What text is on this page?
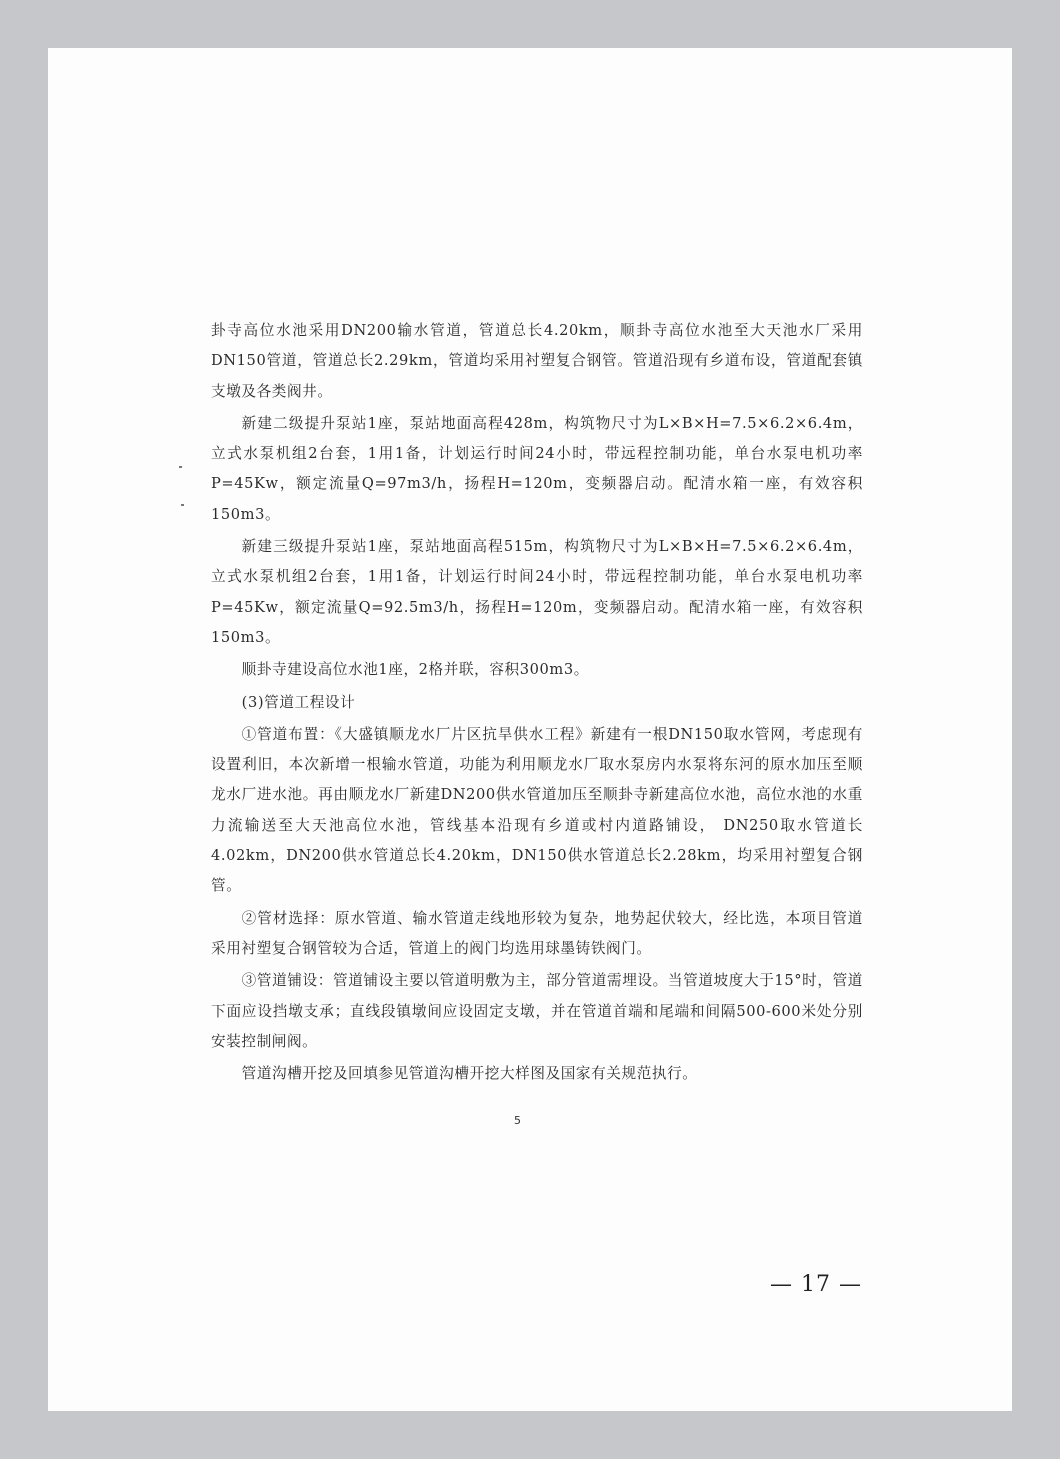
卦寺高位水池采用DN200输水管道，管道总长4.20km，顺卦寺高位水池至大天池水厂采用DN150管道，管道总长2.29km，管道均采用衬塑复合钢管。管道沿现有乡道布设，管道配套镇支墩及各类阀井。

新建二级提升泵站1座，泵站地面高程428m，构筑物尺寸为L×B×H=7.5×6.2×6.4m，立式水泵机组2台套，1用1备，计划运行时间24小时，带远程控制功能，单台水泵电机功率P=45Kw，额定流量Q=97m3/h，扬程H=120m，变频器启动。配清水箱一座，有效容积150m3。

新建三级提升泵站1座，泵站地面高程515m，构筑物尺寸为L×B×H=7.5×6.2×6.4m，立式水泵机组2台套，1用1备，计划运行时间24小时，带远程控制功能，单台水泵电机功率P=45Kw，额定流量Q=92.5m3/h，扬程H=120m，变频器启动。配清水箱一座，有效容积150m3。

顺卦寺建设高位水池1座，2格并联，容积300m3。

(3)管道工程设计

①管道布置：《大盛镇顺龙水厂片区抗旱供水工程》新建有一根DN150取水管网，考虑现有设置利旧，本次新增一根输水管道，功能为利用顺龙水厂取水泵房内水泵将东河的原水加压至顺龙水厂进水池。再由顺龙水厂新建DN200供水管道加压至顺卦寺新建高位水池，高位水池的水重力流输送至大天池高位水池，管线基本沿现有乡道或村内道路铺设， DN250取水管道长4.02km，DN200供水管道总长4.20km，DN150供水管道总长2.28km，均采用衬塑复合钢管。

②管材选择：原水管道、输水管道走线地形较为复杂，地势起伏较大，经比选，本项目管道采用衬塑复合钢管较为合适，管道上的阀门均选用球墨铸铁阀门。

③管道铺设：管道铺设主要以管道明敷为主，部分管道需埋设。当管道坡度大于15°时，管道下面应设挡墩支承；直线段镇墩间应设固定支墩，并在管道首端和尾端和间隔500-600米处分别安装控制闸阀。

管道沟槽开挖及回填参见管道沟槽开挖大样图及国家有关规范执行。

5
— 17 —
